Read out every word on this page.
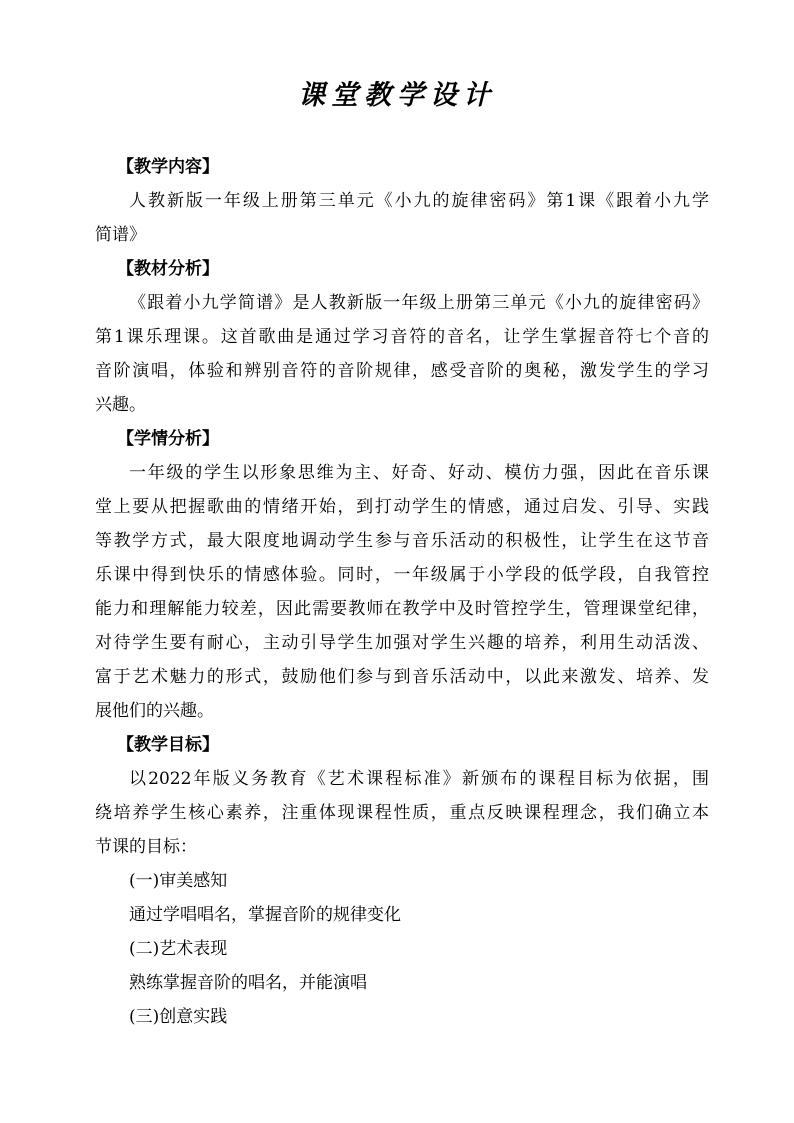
课堂教学设计
【教学内容】
人教新版一年级上册第三单元《小九的旋律密码》第1课《跟着小九学
简谱》
【教材分析】
《跟着小九学简谱》是人教新版一年级上册第三单元《小九的旋律密码》
第1课乐理课。这首歌曲是通过学习音符的音名，让学生掌握音符七个音的
音阶演唱，体验和辨别音符的音阶规律，感受音阶的奥秘，激发学生的学习
兴趣。
【学情分析】
一年级的学生以形象思维为主、好奇、好动、模仿力强，因此在音乐课
堂上要从把握歌曲的情绪开始，到打动学生的情感，通过启发、引导、实践
等教学方式，最大限度地调动学生参与音乐活动的积极性，让学生在这节音
乐课中得到快乐的情感体验。同时，一年级属于小学段的低学段，自我管控
能力和理解能力较差，因此需要教师在教学中及时管控学生，管理课堂纪律，
对待学生要有耐心，主动引导学生加强对学生兴趣的培养，利用生动活泼、
富于艺术魅力的形式，鼓励他们参与到音乐活动中，以此来激发、培养、发
展他们的兴趣。
【教学目标】
以2022年版义务教育《艺术课程标准》新颁布的课程目标为依据，围
绕培养学生核心素养，注重体现课程性质，重点反映课程理念，我们确立本
节课的目标：
(一)审美感知
通过学唱唱名，掌握音阶的规律变化
(二)艺术表现
熟练掌握音阶的唱名，并能演唱
(三)创意实践
